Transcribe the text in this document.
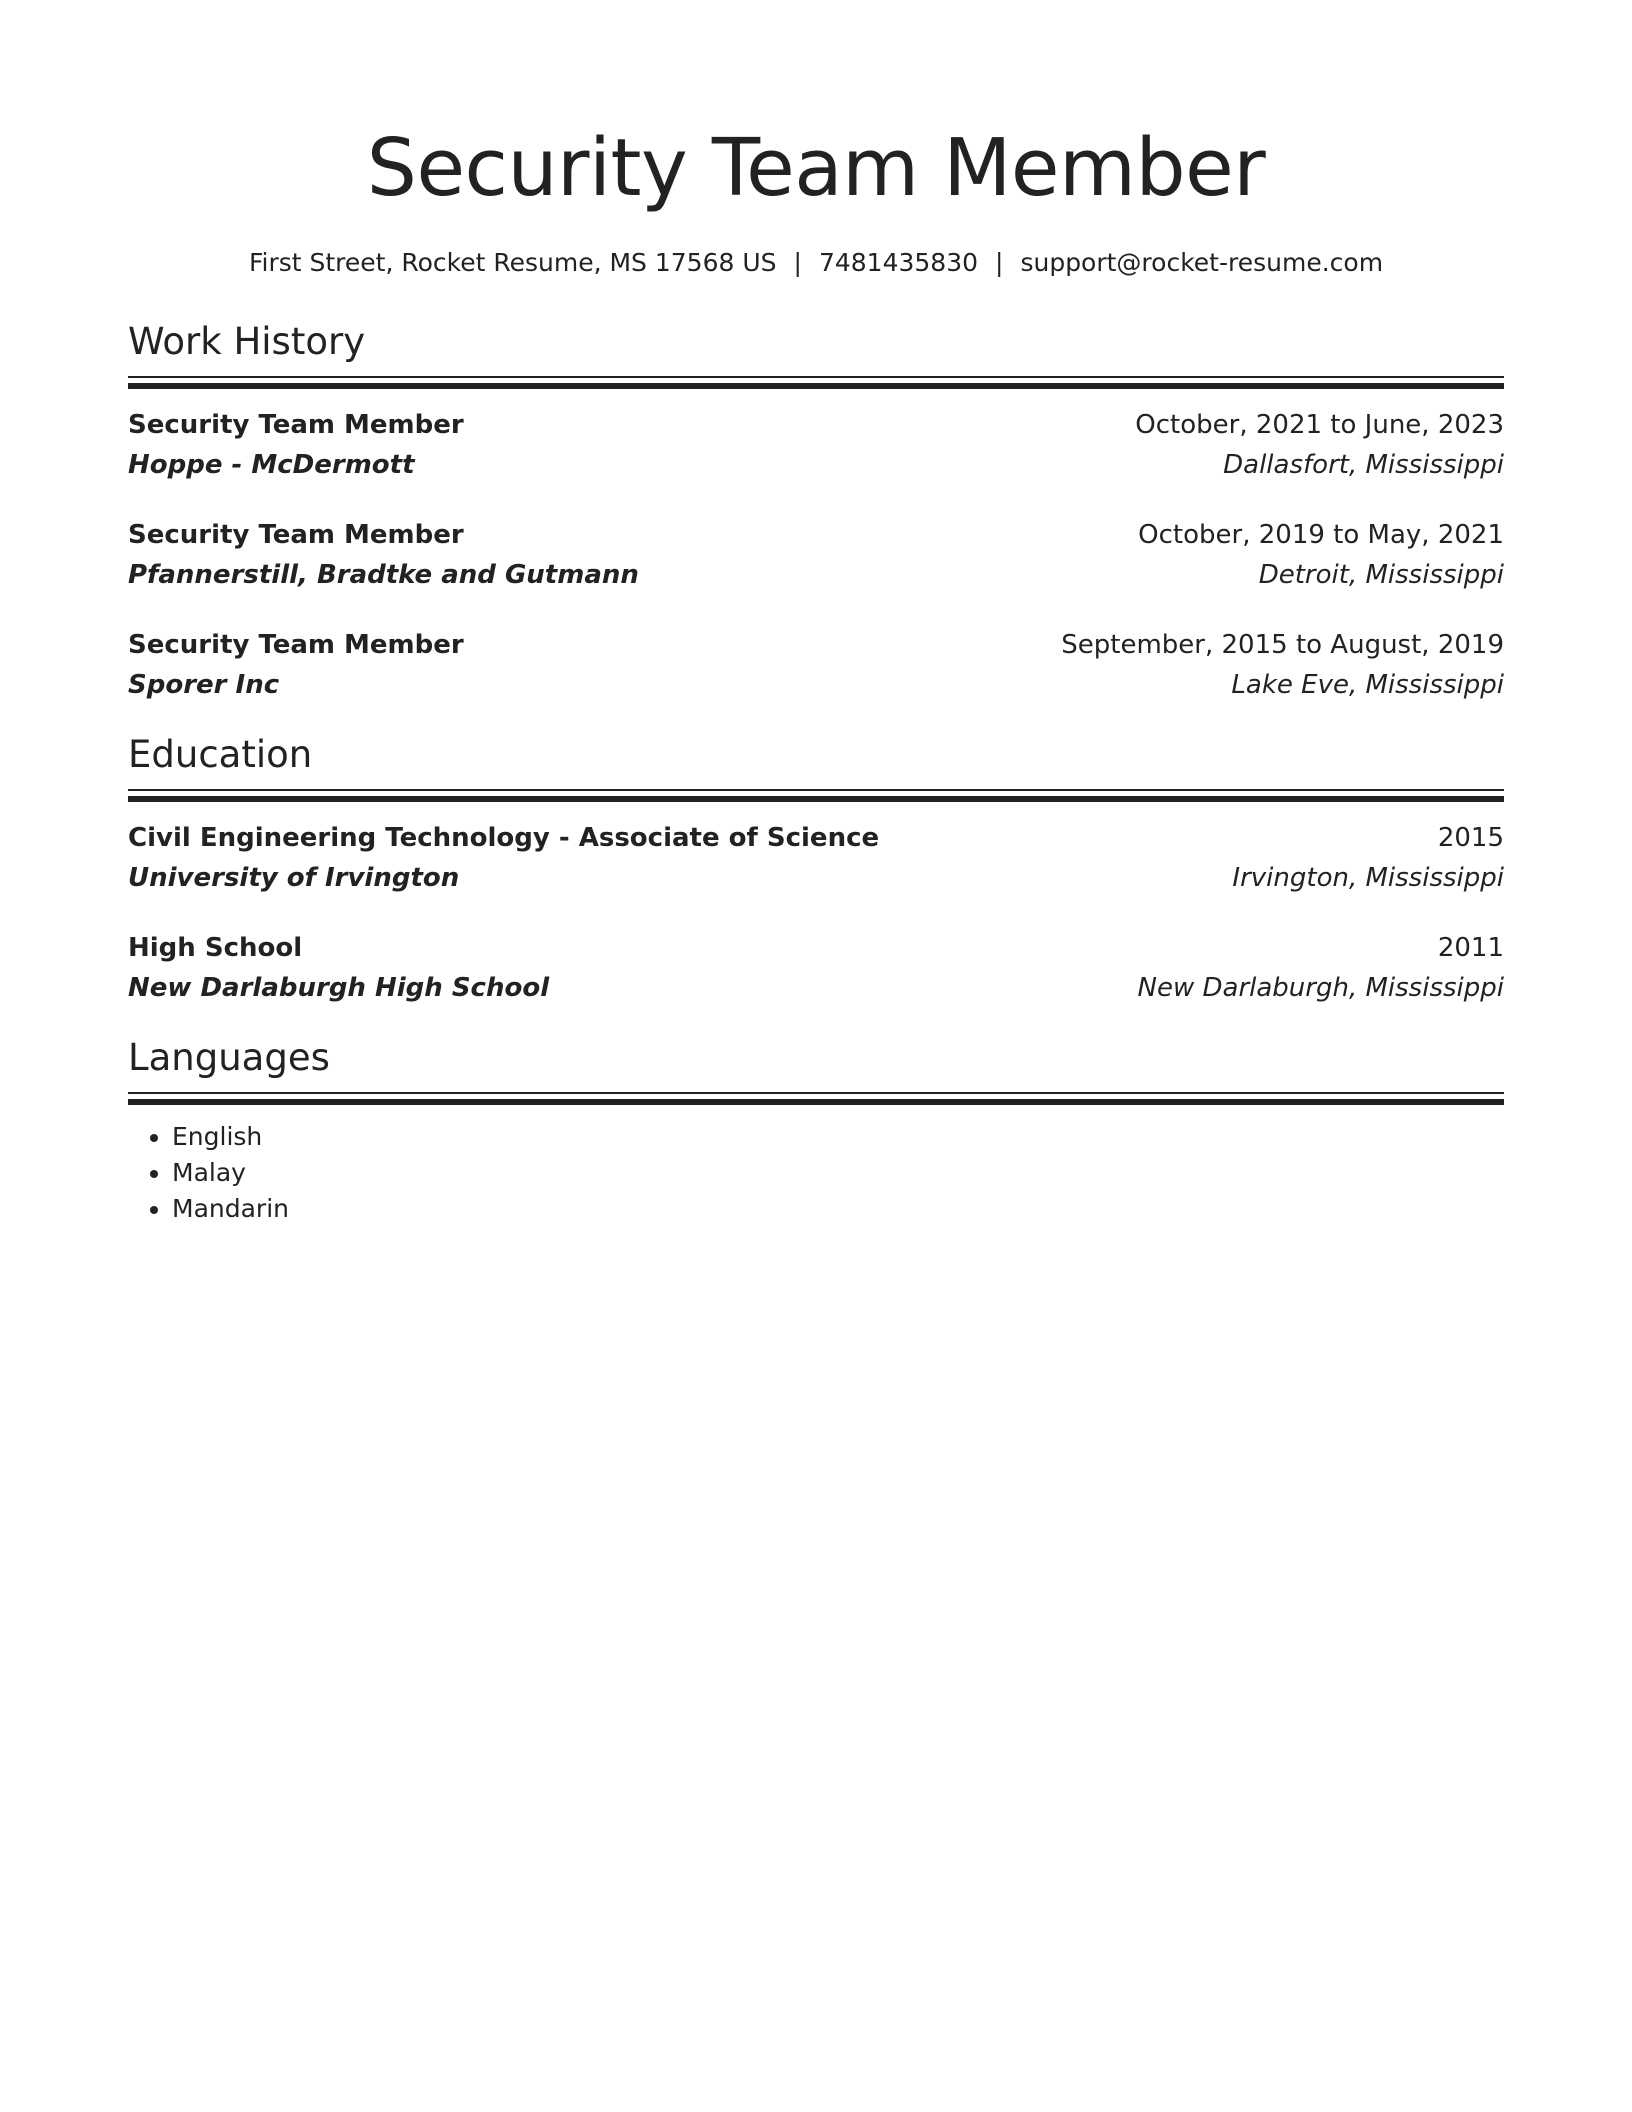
Security Team Member
First Street, Rocket Resume, MS 17568 US | 7481435830 | support@rocket-resume.com
Work History
Security Team Member	October, 2021 to June, 2023
Hoppe - McDermott	Dallasfort, Mississippi
Security Team Member	October, 2019 to May, 2021
Pfannerstill, Bradtke and Gutmann	Detroit, Mississippi
Security Team Member	September, 2015 to August, 2019
Sporer Inc	Lake Eve, Mississippi
Education
Civil Engineering Technology - Associate of Science	2015
University of Irvington	Irvington, Mississippi
High School	2011
New Darlaburgh High School	New Darlaburgh, Mississippi
Languages
• English
• Malay
• Mandarin
